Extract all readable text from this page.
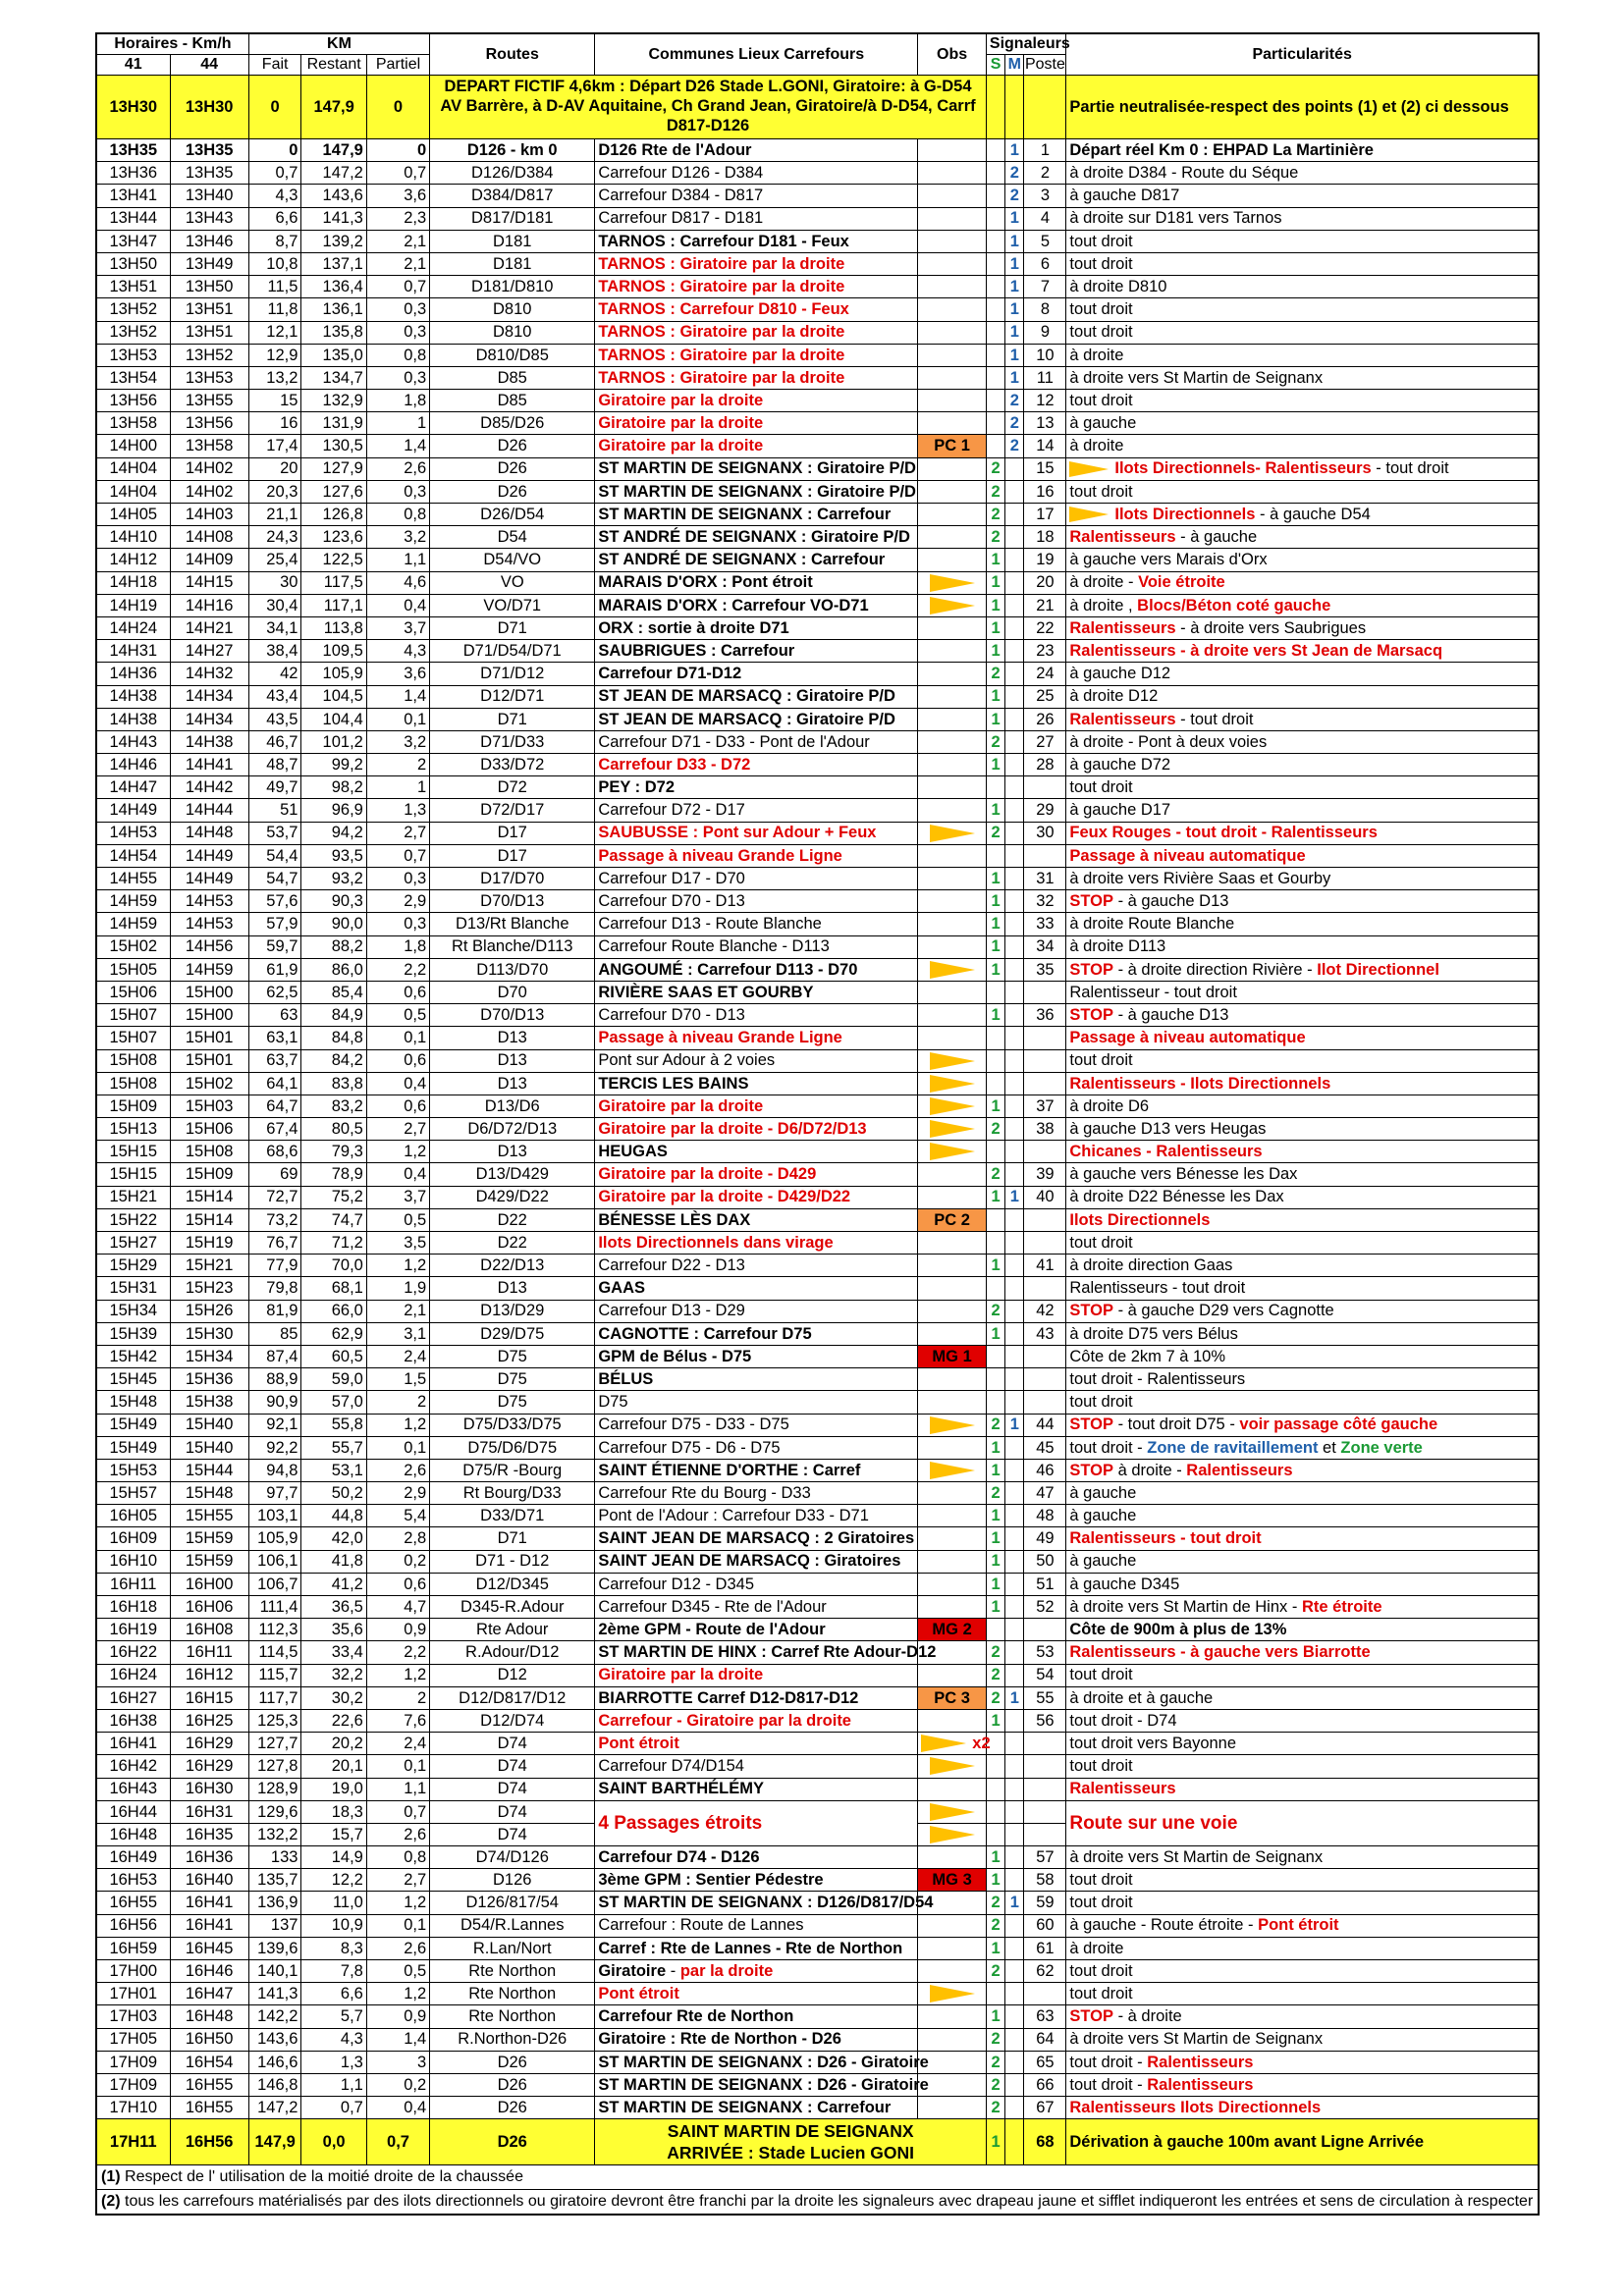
Horaires - Km/h		KM			Routes	Communes Lieux Carrefours	Obs	Signaleurs			Particularités
41	44	Fait	Restant	Partiel				S	M	Poste	
13H30	13H30	0	147,9	0	DEPART FICTIF 4,6km : Départ D26 Stade L.GONI, Giratoire: à G-D54 AV Barrère, à D-AV Aquitaine, Ch Grand Jean, Giratoire/à D-D54, Carrf D817-D126						Partie neutralisée-respect des points (1) et (2) ci dessous
13H35	13H35	0	147,9	0	D126 - km 0	D126 Rte de l'Adour			1	1	Départ réel Km 0 : EHPAD La Martinière
13H36	13H35	0,7	147,2	0,7	D126/D384	Carrefour D126 - D384			2	2	à droite D384 - Route du Séque
13H41	13H40	4,3	143,6	3,6	D384/D817	Carrefour D384 - D817			2	3	à gauche D817
13H44	13H43	6,6	141,3	2,3	D817/D181	Carrefour D817 - D181			1	4	à droite sur D181 vers Tarnos
13H47	13H46	8,7	139,2	2,1	D181	TARNOS : Carrefour D181 - Feux			1	5	tout droit
13H50	13H49	10,8	137,1	2,1	D181	TARNOS : Giratoire par la droite			1	6	tout droit
13H51	13H50	11,5	136,4	0,7	D181/D810	TARNOS : Giratoire par la droite			1	7	à droite D810
13H52	13H51	11,8	136,1	0,3	D810	TARNOS : Carrefour D810 - Feux			1	8	tout droit
13H52	13H51	12,1	135,8	0,3	D810	TARNOS : Giratoire par la droite			1	9	tout droit
13H53	13H52	12,9	135,0	0,8	D810/D85	TARNOS : Giratoire par la droite			1	10	à droite
13H54	13H53	13,2	134,7	0,3	D85	TARNOS : Giratoire par la droite			1	11	à droite vers St Martin de Seignanx
13H56	13H55	15	132,9	1,8	D85	Giratoire par la droite			2	12	tout droit
13H58	13H56	16	131,9	1	D85/D26	Giratoire par la droite			2	13	à gauche
14H00	13H58	17,4	130,5	1,4	D26	Giratoire par la droite	PC 1		2	14	à droite
14H04	14H02	20	127,9	2,6	D26	ST MARTIN DE SEIGNANX : Giratoire P/D		2		15	Ilots Directionnels- Ralentisseurs - tout droit
14H04	14H02	20,3	127,6	0,3	D26	ST MARTIN DE SEIGNANX : Giratoire P/D		2		16	tout droit
14H05	14H03	21,1	126,8	0,8	D26/D54	ST MARTIN DE SEIGNANX : Carrefour		2		17	Ilots Directionnels - à gauche D54
14H10	14H08	24,3	123,6	3,2	D54	ST ANDRÉ DE SEIGNANX : Giratoire P/D		2		18	Ralentisseurs - à gauche
14H12	14H09	25,4	122,5	1,1	D54/VO	ST ANDRÉ DE SEIGNANX : Carrefour		1		19	à gauche vers Marais d'Orx
14H18	14H15	30	117,5	4,6	VO	MARAIS D'ORX : Pont étroit		1		20	à droite - Voie étroite
14H19	14H16	30,4	117,1	0,4	VO/D71	MARAIS D'ORX : Carrefour VO-D71		1		21	à droite , Blocs/Béton coté gauche
14H24	14H21	34,1	113,8	3,7	D71	ORX : sortie à droite D71		1		22	Ralentisseurs - à droite vers Saubrigues
14H31	14H27	38,4	109,5	4,3	D71/D54/D71	SAUBRIGUES : Carrefour		1		23	Ralentisseurs - à droite vers St Jean de Marsacq
14H36	14H32	42	105,9	3,6	D71/D12	Carrefour D71-D12		2		24	à gauche D12
14H38	14H34	43,4	104,5	1,4	D12/D71	ST JEAN DE MARSACQ : Giratoire P/D		1		25	à droite D12
14H38	14H34	43,5	104,4	0,1	D71	ST JEAN DE MARSACQ : Giratoire P/D		1		26	Ralentisseurs - tout droit
14H43	14H38	46,7	101,2	3,2	D71/D33	Carrefour D71 - D33 - Pont de l'Adour		2		27	à droite - Pont à deux voies
14H46	14H41	48,7	99,2	2	D33/D72	Carrefour D33 - D72		1		28	à gauche D72
14H47	14H42	49,7	98,2	1	D72	PEY : D72					tout droit
14H49	14H44	51	96,9	1,3	D72/D17	Carrefour D72 - D17		1		29	à gauche D17
14H53	14H48	53,7	94,2	2,7	D17	SAUBUSSE : Pont sur Adour + Feux		2		30	Feux Rouges - tout droit - Ralentisseurs
14H54	14H49	54,4	93,5	0,7	D17	Passage à niveau Grande Ligne					Passage à niveau automatique
14H55	14H49	54,7	93,2	0,3	D17/D70	Carrefour D17 - D70		1		31	à droite vers Rivière Saas et Gourby
14H59	14H53	57,6	90,3	2,9	D70/D13	Carrefour D70 - D13		1		32	STOP - à gauche D13
14H59	14H53	57,9	90,0	0,3	D13/Rt Blanche	Carrefour D13 - Route Blanche		1		33	à droite Route Blanche
15H02	14H56	59,7	88,2	1,8	Rt Blanche/D113	Carrefour Route Blanche - D113		1		34	à droite D113
15H05	14H59	61,9	86,0	2,2	D113/D70	ANGOUMÉ : Carrefour D113 - D70		1		35	STOP - à droite direction Rivière - Ilot Directionnel
15H06	15H00	62,5	85,4	0,6	D70	RIVIÈRE SAAS ET GOURBY					Ralentisseur - tout droit
15H07	15H00	63	84,9	0,5	D70/D13	Carrefour D70 - D13		1		36	STOP - à gauche D13
15H07	15H01	63,1	84,8	0,1	D13	Passage à niveau Grande Ligne					Passage à niveau automatique
15H08	15H01	63,7	84,2	0,6	D13	Pont sur Adour à 2 voies					tout droit
15H08	15H02	64,1	83,8	0,4	D13	TERCIS LES BAINS					Ralentisseurs - Ilots Directionnels
15H09	15H03	64,7	83,2	0,6	D13/D6	Giratoire par la droite		1		37	à droite D6
15H13	15H06	67,4	80,5	2,7	D6/D72/D13	Giratoire par la droite - D6/D72/D13		2		38	à gauche D13 vers Heugas
15H15	15H08	68,6	79,3	1,2	D13	HEUGAS					Chicanes - Ralentisseurs
15H15	15H09	69	78,9	0,4	D13/D429	Giratoire par la droite - D429		2		39	à gauche vers Bénesse les Dax
15H21	15H14	72,7	75,2	3,7	D429/D22	Giratoire par la droite - D429/D22		1	1	40	à droite D22 Bénesse les Dax
15H22	15H14	73,2	74,7	0,5	D22	BÉNESSE LÈS DAX	PC 2				Ilots Directionnels
15H27	15H19	76,7	71,2	3,5	D22	Ilots Directionnels dans virage					tout droit
15H29	15H21	77,9	70,0	1,2	D22/D13	Carrefour D22 - D13		1		41	à droite direction Gaas
15H31	15H23	79,8	68,1	1,9	D13	GAAS					Ralentisseurs - tout droit
15H34	15H26	81,9	66,0	2,1	D13/D29	Carrefour D13 - D29		2		42	STOP - à gauche D29 vers Cagnotte
15H39	15H30	85	62,9	3,1	D29/D75	CAGNOTTE : Carrefour D75		1		43	à droite D75 vers Bélus
15H42	15H34	87,4	60,5	2,4	D75	GPM de Bélus - D75	MG 1				Côte de 2km 7 à 10%
15H45	15H36	88,9	59,0	1,5	D75	BÉLUS					tout droit - Ralentisseurs
15H48	15H38	90,9	57,0	2	D75	D75					tout droit
15H49	15H40	92,1	55,8	1,2	D75/D33/D75	Carrefour D75 - D33 - D75		2	1	44	STOP - tout droit D75 - voir passage côté gauche
15H49	15H40	92,2	55,7	0,1	D75/D6/D75	Carrefour D75 - D6 - D75		1		45	tout droit - Zone de ravitaillement et Zone verte
15H53	15H44	94,8	53,1	2,6	D75/R -Bourg	SAINT ÉTIENNE D'ORTHE : Carref		1		46	STOP à droite - Ralentisseurs
15H57	15H48	97,7	50,2	2,9	Rt Bourg/D33	Carrefour Rte du Bourg - D33		2		47	à gauche
16H05	15H55	103,1	44,8	5,4	D33/D71	Pont de l'Adour : Carrefour D33 - D71		1		48	à gauche
16H09	15H59	105,9	42,0	2,8	D71	SAINT JEAN DE MARSACQ : 2 Giratoires		1		49	Ralentisseurs - tout droit
16H10	15H59	106,1	41,8	0,2	D71 - D12	SAINT JEAN DE MARSACQ : Giratoires		1		50	à gauche
16H11	16H00	106,7	41,2	0,6	D12/D345	Carrefour D12 - D345		1		51	à gauche D345
16H18	16H06	111,4	36,5	4,7	D345-R.Adour	Carrefour D345 - Rte de l'Adour		1		52	à droite vers St Martin de Hinx - Rte étroite
16H19	16H08	112,3	35,6	0,9	Rte Adour	2ème GPM - Route de l'Adour	MG 2				Côte de 900m à plus de 13%
16H22	16H11	114,5	33,4	2,2	R.Adour/D12	ST MARTIN DE HINX : Carref Rte Adour-D12		2		53	Ralentisseurs - à gauche vers Biarrotte
16H24	16H12	115,7	32,2	1,2	D12	Giratoire par la droite		2		54	tout droit
16H27	16H15	117,7	30,2	2	D12/D817/D12	BIARROTTE Carref D12-D817-D12	PC 3	2	1	55	à droite et à gauche
16H38	16H25	125,3	22,6	7,6	D12/D74	Carrefour - Giratoire par la droite		1		56	tout droit - D74
16H41	16H29	127,7	20,2	2,4	D74	Pont étroit	x2				tout droit vers Bayonne
16H42	16H29	127,8	20,1	0,1	D74	Carrefour D74/D154					tout droit
16H43	16H30	128,9	19,0	1,1	D74	SAINT BARTHÉLÉMY					Ralentisseurs
16H44	16H31	129,6	18,3	0,7	D74	4 Passages étroits					Route sur une voie
16H48	16H35	132,2	15,7	2,6	D74						
16H49	16H36	133	14,9	0,8	D74/D126	Carrefour D74 - D126		1		57	à droite vers St Martin de Seignanx
16H53	16H40	135,7	12,2	2,7	D126	3ème GPM : Sentier Pédestre	MG 3	1		58	tout droit
16H55	16H41	136,9	11,0	1,2	D126/817/54	ST MARTIN DE SEIGNANX : D126/D817/D54		2	1	59	tout droit
16H56	16H41	137	10,9	0,1	D54/R.Lannes	Carrefour : Route de Lannes		2		60	à gauche - Route étroite - Pont étroit
16H59	16H45	139,6	8,3	2,6	R.Lan/Nort	Carref : Rte de Lannes - Rte de Northon		1		61	à droite
17H00	16H46	140,1	7,8	0,5	Rte Northon	Giratoire - par la droite		2		62	tout droit
17H01	16H47	141,3	6,6	1,2	Rte Northon	Pont étroit					tout droit
17H03	16H48	142,2	5,7	0,9	Rte Northon	Carrefour Rte de Northon		1		63	STOP - à droite
17H05	16H50	143,6	4,3	1,4	R.Northon-D26	Giratoire : Rte de Northon - D26		2		64	à droite vers St Martin de Seignanx
17H09	16H54	146,6	1,3	3	D26	ST MARTIN DE SEIGNANX : D26 - Giratoire		2		65	tout droit - Ralentisseurs
17H09	16H55	146,8	1,1	0,2	D26	ST MARTIN DE SEIGNANX : D26 - Giratoire		2		66	tout droit - Ralentisseurs
17H10	16H55	147,2	0,7	0,4	D26	ST MARTIN DE SEIGNANX : Carrefour		2		67	Ralentisseurs Ilots Directionnels
17H11	16H56	147,9	0,0	0,7	D26	SAINT MARTIN DE SEIGNANX
ARRIVÉE : Stade Lucien GONI		1		68	Dérivation à gauche 100m avant Ligne Arrivée
(1) Respect de l' utilisation de la moitié droite de la chaussée											
(2) tous les carrefours matérialisés par des ilots directionnels ou giratoire devront être franchi par la droite les signaleurs avec drapeau jaune et sifflet indiqueront les entrées et sens de circulation à respecter											
